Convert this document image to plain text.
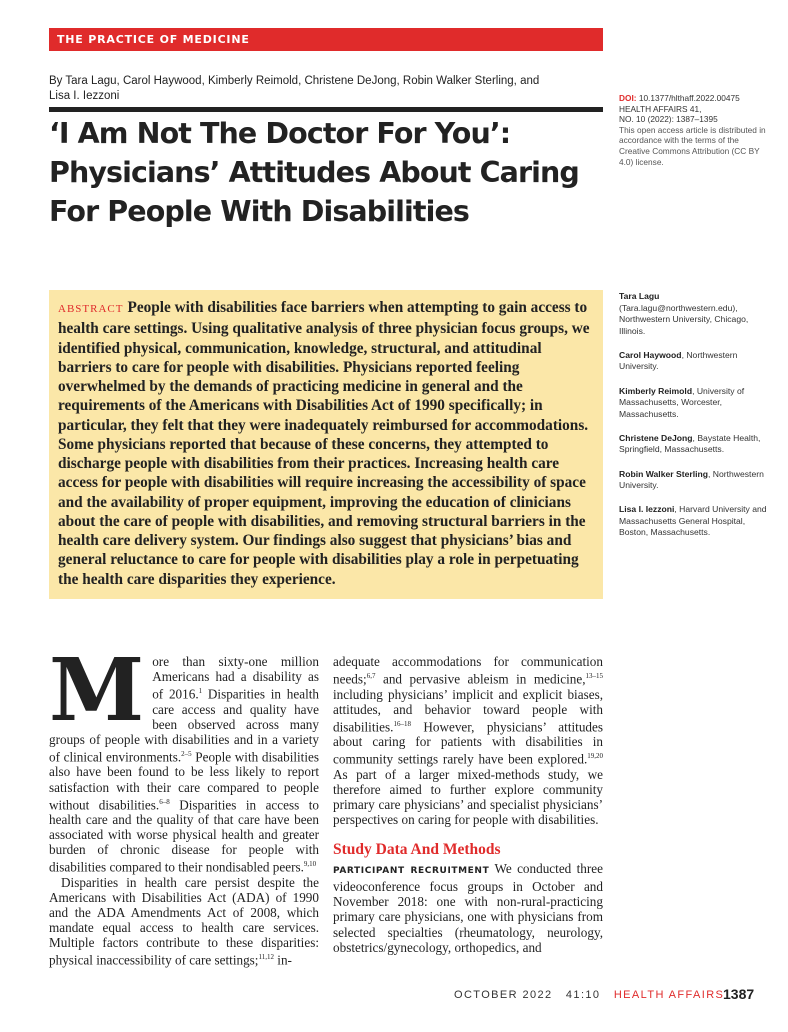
THE PRACTICE OF MEDICINE
By Tara Lagu, Carol Haywood, Kimberly Reimold, Christene DeJong, Robin Walker Sterling, and
Lisa I. Iezzoni
‘I Am Not The Doctor For You’:
Physicians’ Attitudes About Caring
For People With Disabilities
DOI: 10.1377/hlthaff.2022.00475
HEALTH AFFAIRS 41,
NO. 10 (2022): 1387–1395
This open access article is distributed in accordance with the terms of the Creative Commons Attribution (CC BY 4.0) license.
ABSTRACT People with disabilities face barriers when attempting to gain access to health care settings. Using qualitative analysis of three physician focus groups, we identified physical, communication, knowledge, structural, and attitudinal barriers to care for people with disabilities. Physicians reported feeling overwhelmed by the demands of practicing medicine in general and the requirements of the Americans with Disabilities Act of 1990 specifically; in particular, they felt that they were inadequately reimbursed for accommodations. Some physicians reported that because of these concerns, they attempted to discharge people with disabilities from their practices. Increasing health care access for people with disabilities will require increasing the accessibility of space and the availability of proper equipment, improving the education of clinicians about the care of people with disabilities, and removing structural barriers in the health care delivery system. Our findings also suggest that physicians’ bias and general reluctance to care for people with disabilities play a role in perpetuating the health care disparities they experience.
Tara Lagu (Tara.lagu@northwestern.edu), Northwestern University, Chicago, Illinois.
Carol Haywood, Northwestern University.
Kimberly Reimold, University of Massachusetts, Worcester, Massachusetts.
Christene DeJong, Baystate Health, Springfield, Massachusetts.
Robin Walker Sterling, Northwestern University.
Lisa I. Iezzoni, Harvard University and Massachusetts General Hospital, Boston, Massachusetts.

More than sixty-one million Americans had a disability as of 2016.$^1$ Disparities in health care access and quality have been observed across many groups of people with disabilities and in a variety of clinical environments.$^{2-5}$ People with disabilities also have been found to be less likely to report satisfaction with their care compared to people without disabilities.$^{6-8}$ Disparities in access to health care and the quality of that care have been associated with worse physical health and greater burden of chronic disease for people with disabilities compared to their nondisabled peers.$^{9,10}$

Disparities in health care persist despite the Americans with Disabilities Act (ADA) of 1990 and the ADA Amendments Act of 2008, which mandate equal access to health care services. Multiple factors contribute to these disparities: physical inaccessibility of care settings;$^{11,12}$ in-

adequate accommodations for communication needs;$^{6,7}$ and pervasive ableism in medicine,$^{13-15}$ including physicians’ implicit and explicit biases, attitudes, and behavior toward people with disabilities.$^{16-18}$ However, physicians’ attitudes about caring for patients with disabilities in community settings rarely have been explored.$^{19,20}$ As part of a larger mixed-methods study, we therefore aimed to further explore community primary care physicians’ and specialist physicians’ perspectives on caring for people with disabilities.

Study Data And Methods

PARTICIPANT RECRUITMENT We conducted three videoconference focus groups in October and November 2018: one with non-rural-practicing primary care physicians, one with physicians from selected specialties (rheumatology, neurology, obstetrics/gynecology, orthopedics, and

OCTOBER 2022 41:10 HEALTH AFFAIRS
1387
